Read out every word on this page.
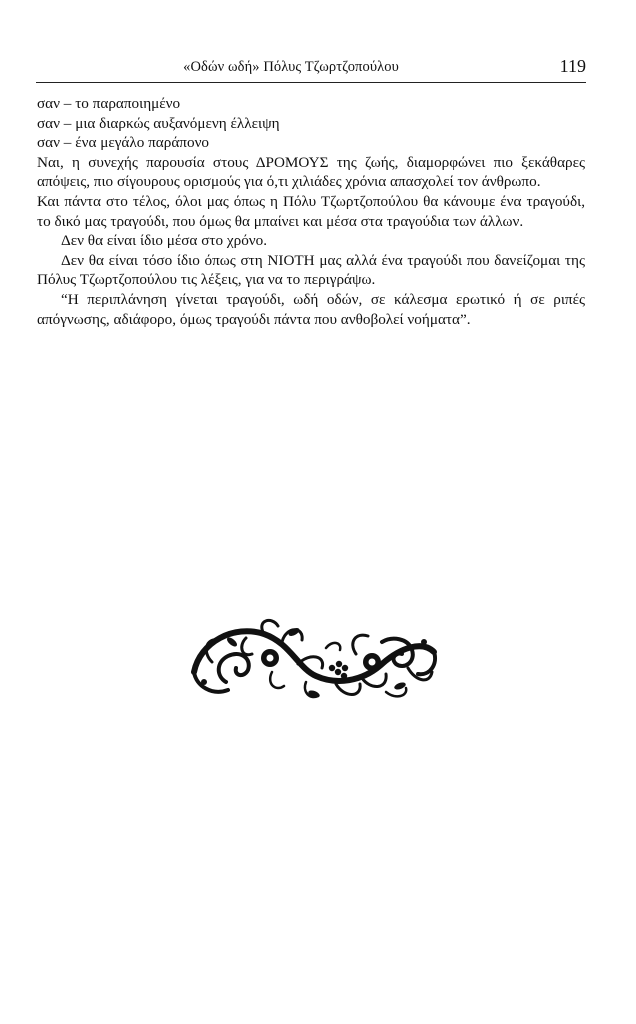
«Οδών ωδή» Πόλυς Τζωρτζοπούλου	119

σαν – το παραποιημένο

σαν – μια διαρκώς αυξανόμενη έλλειψη

σαν – ένα μεγάλο παράπονο

Ναι, η συνεχής παρουσία στους ΔΡΟΜΟΥΣ της ζωής, διαμορφώνει πιο ξεκάθαρες απόψεις, πιο σίγουρους ορισμούς για ό,τι χιλιάδες χρόνια απασχολεί τον άνθρωπο.

Και πάντα στο τέλος, όλοι μας όπως η Πόλυ Τζωρτζοπούλου θα κάνουμε ένα τραγούδι, το δικό μας τραγούδι, που όμως θα μπαίνει και μέσα στα τραγούδια των άλλων.

Δεν θα είναι ίδιο μέσα στο χρόνο.

Δεν θα είναι τόσο ίδιο όπως στη ΝΙΟΤΗ μας αλλά ένα τραγούδι που δανείζομαι της Πόλυς Τζωρτζοπούλου τις λέξεις, για να το περιγράψω.

“Η περιπλάνηση γίνεται τραγούδι, ωδή οδών, σε κάλεσμα ερωτικό ή σε ριπές απόγνωσης, αδιάφορο, όμως τραγούδι πάντα που ανθοβολεί νοήματα”.
